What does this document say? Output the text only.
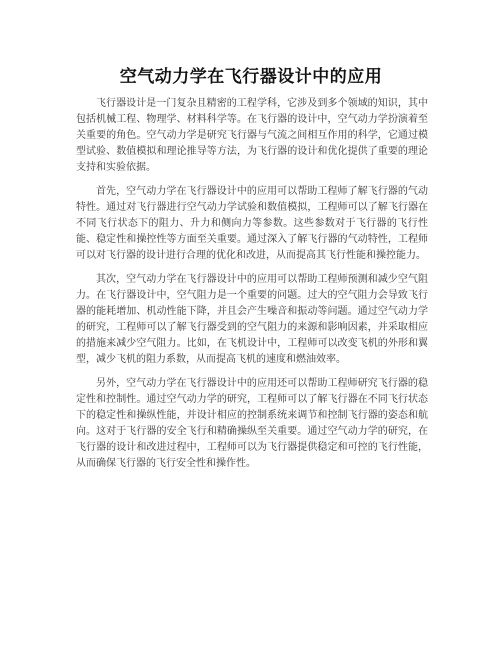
空气动力学在飞行器设计中的应用

飞行器设计是一门复杂且精密的工程学科，它涉及到多个领域的知识，其中包括机械工程、物理学、材料科学等。在飞行器的设计中，空气动力学扮演着至关重要的角色。空气动力学是研究飞行器与气流之间相互作用的科学，它通过模型试验、数值模拟和理论推导等方法，为飞行器的设计和优化提供了重要的理论支持和实验依据。

首先，空气动力学在飞行器设计中的应用可以帮助工程师了解飞行器的气动特性。通过对飞行器进行空气动力学试验和数值模拟，工程师可以了解飞行器在不同飞行状态下的阻力、升力和侧向力等参数。这些参数对于飞行器的飞行性能、稳定性和操控性等方面至关重要。通过深入了解飞行器的气动特性，工程师可以对飞行器的设计进行合理的优化和改进，从而提高其飞行性能和操控能力。

其次，空气动力学在飞行器设计中的应用可以帮助工程师预测和减少空气阻力。在飞行器设计中，空气阻力是一个重要的问题。过大的空气阻力会导致飞行器的能耗增加、机动性能下降，并且会产生噪音和振动等问题。通过空气动力学的研究，工程师可以了解飞行器受到的空气阻力的来源和影响因素，并采取相应的措施来减少空气阻力。比如，在飞机设计中，工程师可以改变飞机的外形和翼型，减少飞机的阻力系数，从而提高飞机的速度和燃油效率。

另外，空气动力学在飞行器设计中的应用还可以帮助工程师研究飞行器的稳定性和控制性。通过空气动力学的研究，工程师可以了解飞行器在不同飞行状态下的稳定性和操纵性能，并设计相应的控制系统来调节和控制飞行器的姿态和航向。这对于飞行器的安全飞行和精确操纵至关重要。通过空气动力学的研究，在飞行器的设计和改进过程中，工程师可以为飞行器提供稳定和可控的飞行性能，从而确保飞行器的飞行安全性和操作性。
